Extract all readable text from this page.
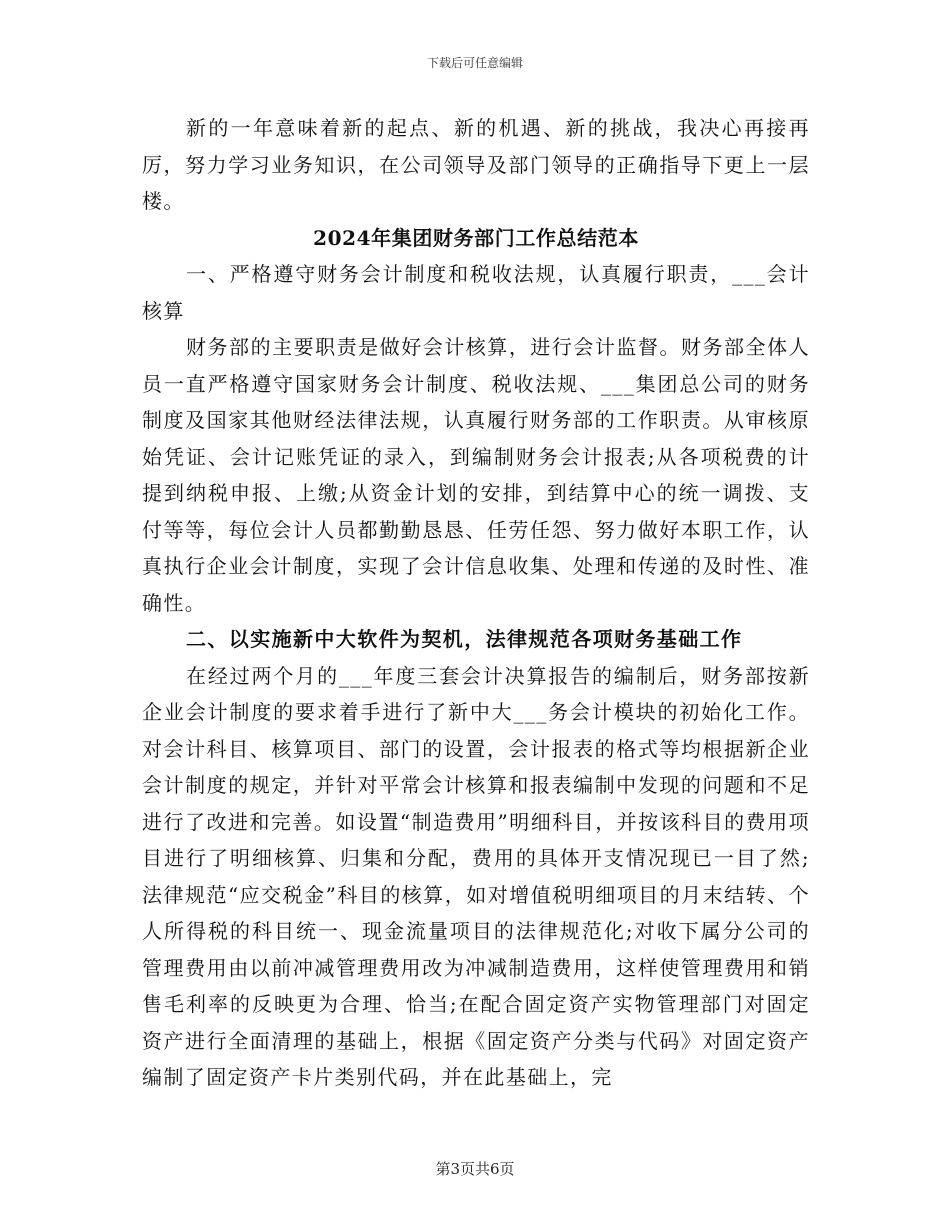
下载后可任意编辑

新的一年意味着新的起点、新的机遇、新的挑战，我决心再接再厉，努力学习业务知识，在公司领导及部门领导的正确指导下更上一层楼。

2024年集团财务部门工作总结范本

一、严格遵守财务会计制度和税收法规，认真履行职责，___会计核算

财务部的主要职责是做好会计核算，进行会计监督。财务部全体人员一直严格遵守国家财务会计制度、税收法规、___集团总公司的财务制度及国家其他财经法律法规，认真履行财务部的工作职责。从审核原始凭证、会计记账凭证的录入，到编制财务会计报表;从各项税费的计提到纳税申报、上缴;从资金计划的安排，到结算中心的统一调拨、支付等等，每位会计人员都勤勤恳恳、任劳任怨、努力做好本职工作，认真执行企业会计制度，实现了会计信息收集、处理和传递的及时性、准确性。

二、以实施新中大软件为契机，法律规范各项财务基础工作

在经过两个月的___年度三套会计决算报告的编制后，财务部按新企业会计制度的要求着手进行了新中大___务会计模块的初始化工作。对会计科目、核算项目、部门的设置，会计报表的格式等均根据新企业会计制度的规定，并针对平常会计核算和报表编制中发现的问题和不足进行了改进和完善。如设置“制造费用”明细科目，并按该科目的费用项目进行了明细核算、归集和分配，费用的具体开支情况现已一目了然;法律规范“应交税金”科目的核算，如对增值税明细项目的月末结转、个人所得税的科目统一、现金流量项目的法律规范化;对收下属分公司的管理费用由以前冲减管理费用改为冲减制造费用，这样使管理费用和销售毛利率的反映更为合理、恰当;在配合固定资产实物管理部门对固定资产进行全面清理的基础上，根据《固定资产分类与代码》对固定资产编制了固定资产卡片类别代码，并在此基础上，完

第3页共6页
